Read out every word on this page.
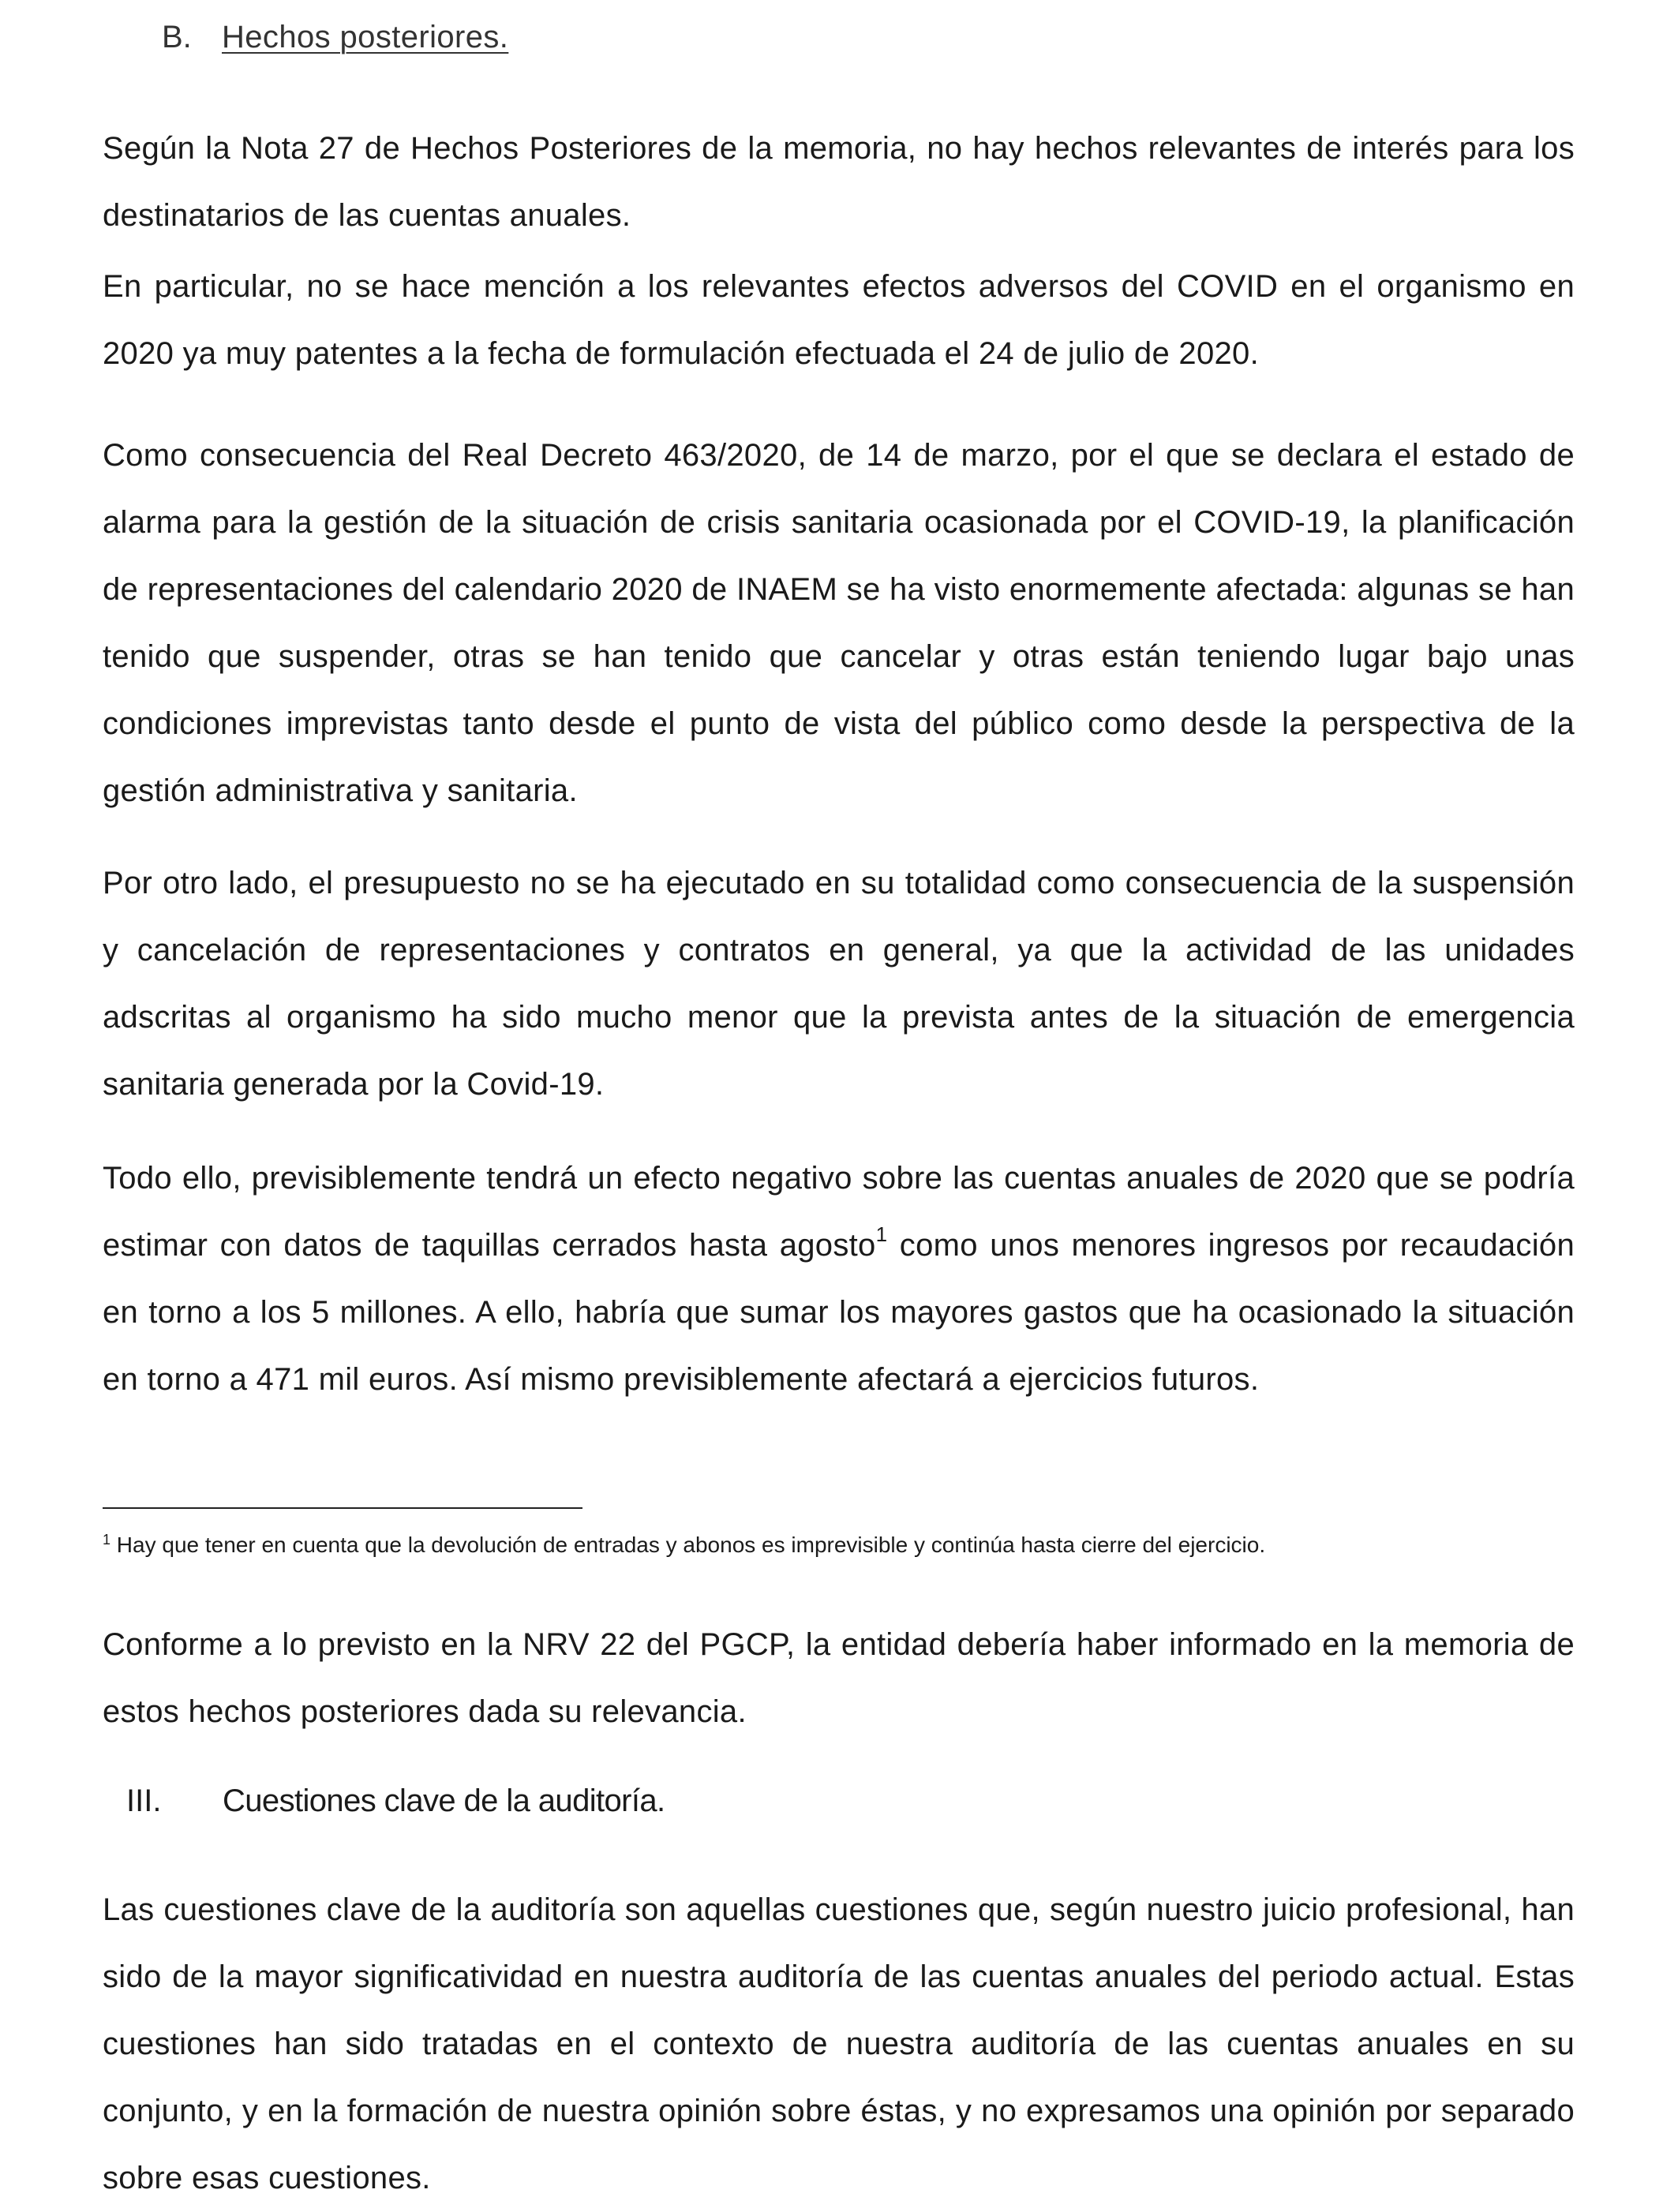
B. Hechos posteriores.

Según la Nota 27 de Hechos Posteriores de la memoria, no hay hechos relevantes de interés para los destinatarios de las cuentas anuales.

En particular, no se hace mención a los relevantes efectos adversos del COVID en el organismo en 2020 ya muy patentes a la fecha de formulación efectuada el 24 de julio de 2020.

Como consecuencia del Real Decreto 463/2020, de 14 de marzo, por el que se declara el estado de alarma para la gestión de la situación de crisis sanitaria ocasionada por el COVID-19, la planificación de representaciones del calendario 2020 de INAEM se ha visto enormemente afectada: algunas se han tenido que suspender, otras se han tenido que cancelar y otras están teniendo lugar bajo unas condiciones imprevistas tanto desde el punto de vista del público como desde la perspectiva de la gestión administrativa y sanitaria.

Por otro lado, el presupuesto no se ha ejecutado en su totalidad como consecuencia de la suspensión y cancelación de representaciones y contratos en general, ya que la actividad de las unidades adscritas al organismo ha sido mucho menor que la prevista antes de la situación de emergencia sanitaria generada por la Covid-19.

Todo ello, previsiblemente tendrá un efecto negativo sobre las cuentas anuales de 2020 que se podría estimar con datos de taquillas cerrados hasta agosto$^1$ como unos menores ingresos por recaudación en torno a los 5 millones. A ello, habría que sumar los mayores gastos que ha ocasionado la situación en torno a 471 mil euros. Así mismo previsiblemente afectará a ejercicios futuros.

$^1$ Hay que tener en cuenta que la devolución de entradas y abonos es imprevisible y continúa hasta cierre del ejercicio.

Conforme a lo previsto en la NRV 22 del PGCP, la entidad debería haber informado en la memoria de estos hechos posteriores dada su relevancia.

III. Cuestiones clave de la auditoría.

Las cuestiones clave de la auditoría son aquellas cuestiones que, según nuestro juicio profesional, han sido de la mayor significatividad en nuestra auditoría de las cuentas anuales del periodo actual. Estas cuestiones han sido tratadas en el contexto de nuestra auditoría de las cuentas anuales en su conjunto, y en la formación de nuestra opinión sobre éstas, y no expresamos una opinión por separado sobre esas cuestiones.
